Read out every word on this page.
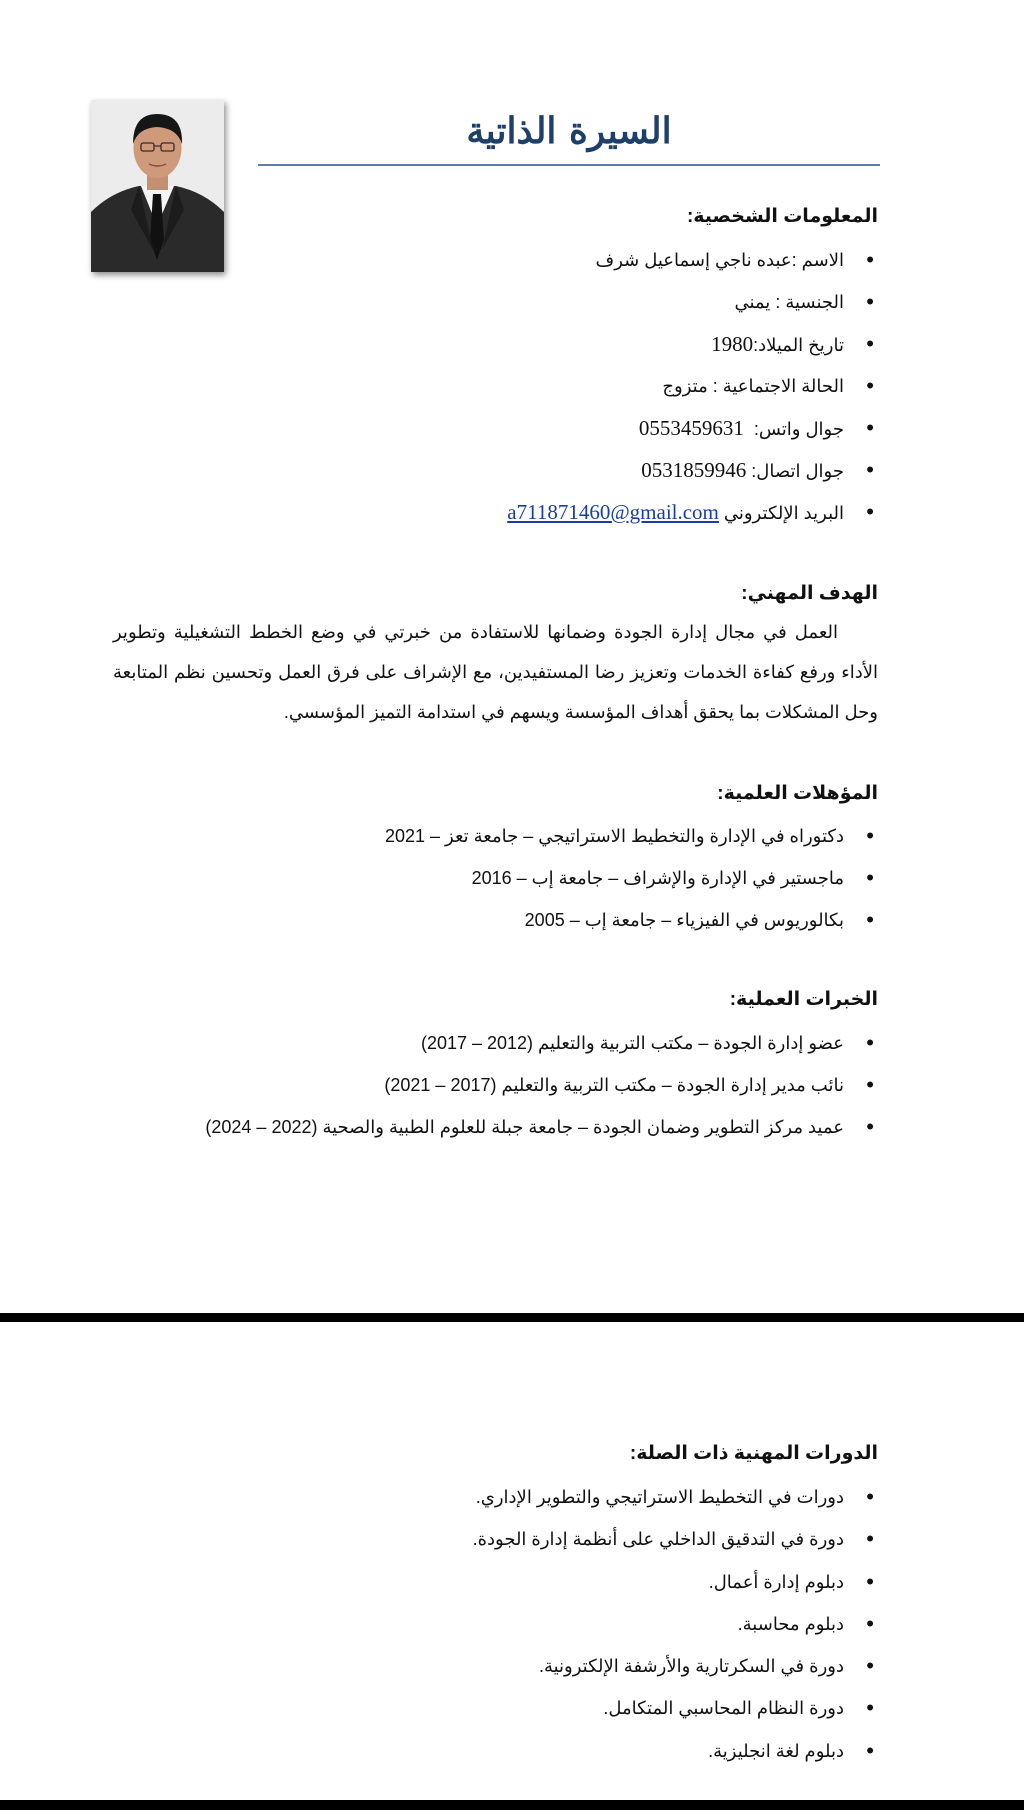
السيرة الذاتية
المعلومات الشخصية:
• الاسم :عبده ناجي إسماعيل شرف
• الجنسية : يمني
• تاريخ الميلاد:1980
• الحالة الاجتماعية : متزوج
• جوال واتس:  0553459631
• جوال اتصال: 0531859946
• البريد الإلكتروني a711871460@gmail.com
الهدف المهني:
العمل في مجال إدارة الجودة وضمانها للاستفادة من خبرتي في وضع الخطط التشغيلية وتطوير الأداء ورفع كفاءة الخدمات وتعزيز رضا المستفيدين، مع الإشراف على فرق العمل وتحسين نظم المتابعة وحل المشكلات بما يحقق أهداف المؤسسة ويسهم في استدامة التميز المؤسسي.
المؤهلات العلمية:
• دكتوراه في الإدارة والتخطيط الاستراتيجي – جامعة تعز – 2021
• ماجستير في الإدارة والإشراف – جامعة إب – 2016
• بكالوريوس في الفيزياء – جامعة إب – 2005
الخبرات العملية:
• عضو إدارة الجودة – مكتب التربية والتعليم (2012 – 2017)
• نائب مدير إدارة الجودة – مكتب التربية والتعليم (2017 – 2021)
• عميد مركز التطوير وضمان الجودة – جامعة جبلة للعلوم الطبية والصحية (2022 – 2024)
الدورات المهنية ذات الصلة:
• دورات في التخطيط الاستراتيجي والتطوير الإداري.
• دورة في التدقيق الداخلي على أنظمة إدارة الجودة.
• دبلوم إدارة أعمال.
• دبلوم محاسبة.
• دورة في السكرتارية والأرشفة الإلكترونية.
• دورة النظام المحاسبي المتكامل.
• دبلوم لغة انجليزية.
